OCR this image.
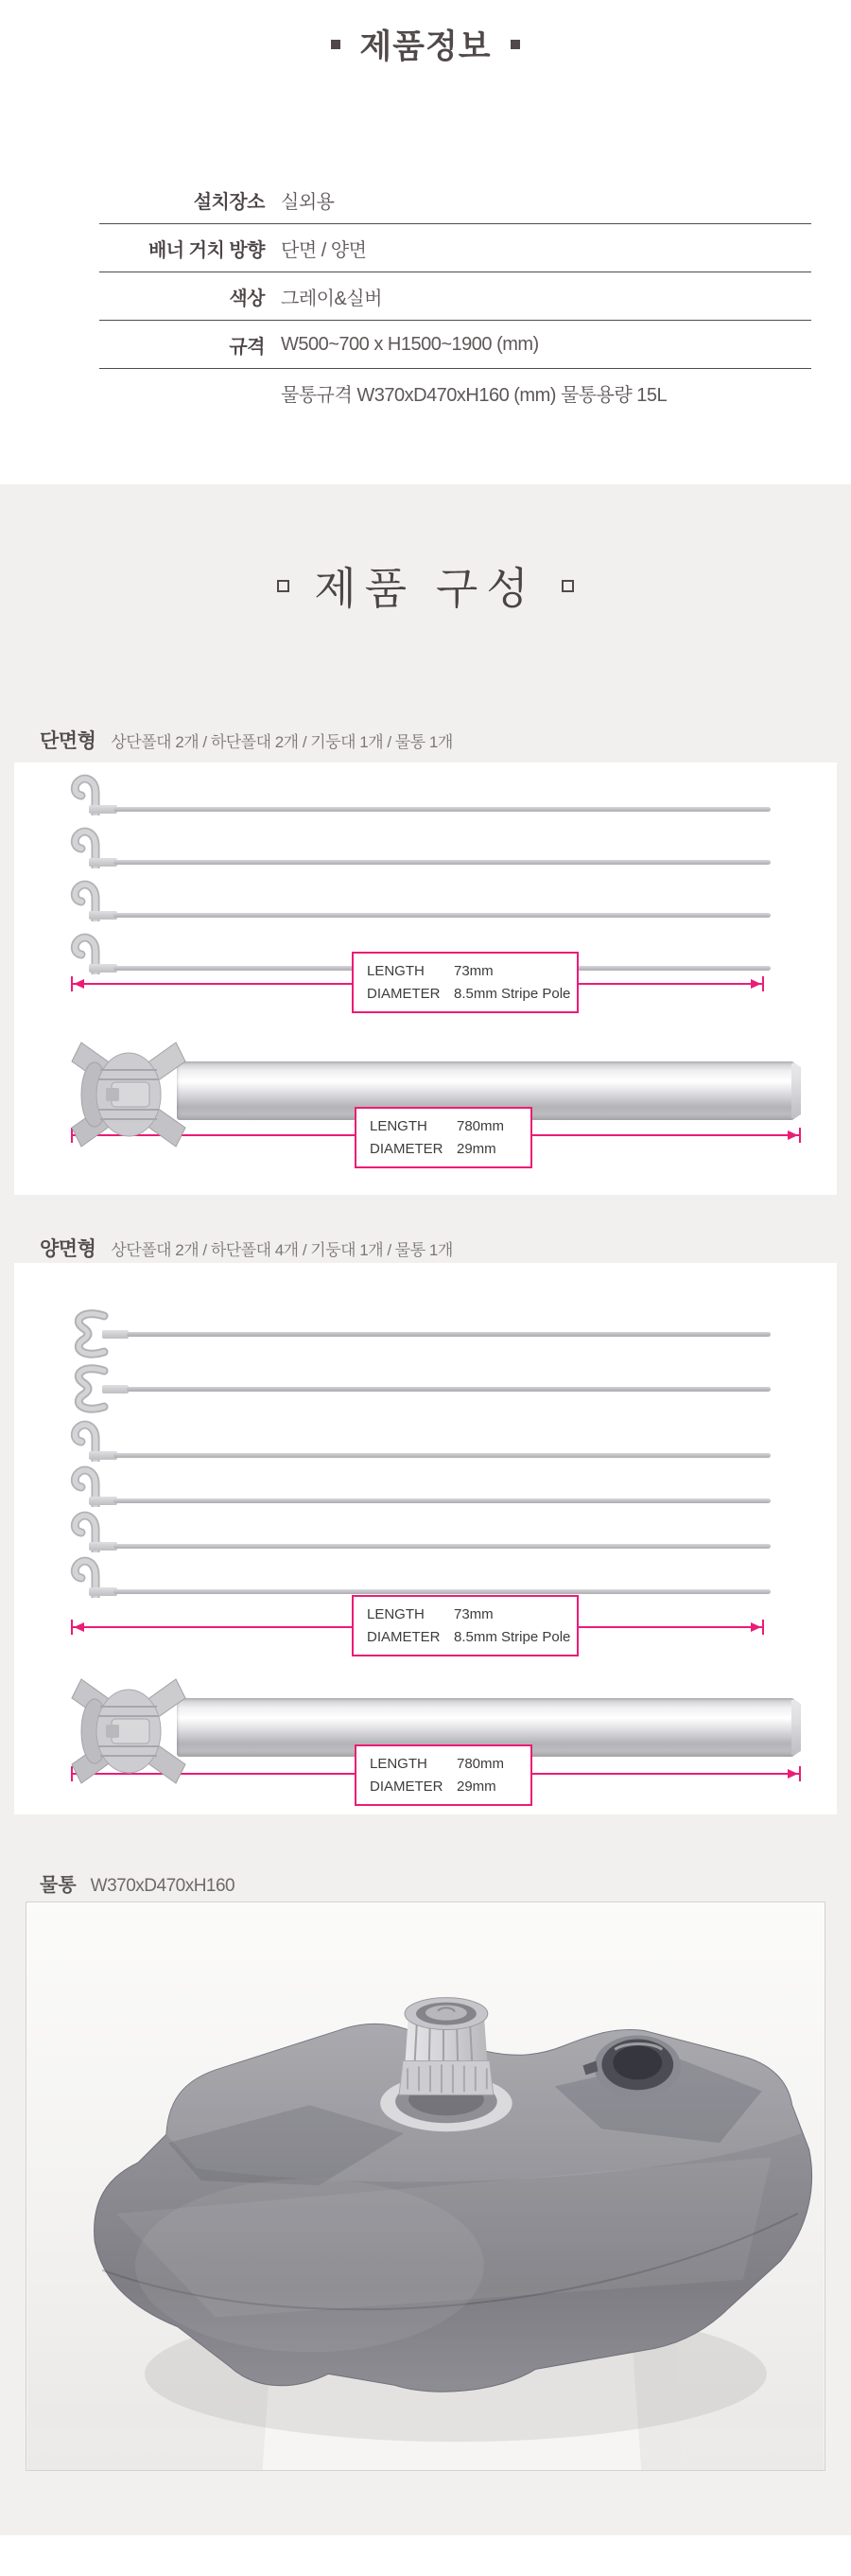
제품정보
설치장소 실외용
배너 거치 방향 단면 / 양면
색상 그레이&실버
규격 W500~700 x H1500~1900 (mm)
물통규격 W370xD470xH160 (mm) 물통용량 15L
제품 구성
단면형 상단폴대 2개 / 하단폴대 2개 / 기둥대 1개 / 물통 1개
LENGTH	73mm
DIAMETER 8.5mm Stripe Pole
LENGTH	780mm
DIAMETER 29mm
양면형 상단폴대 2개 / 하단폴대 4개 / 기둥대 1개 / 물통 1개
LENGTH	73mm
DIAMETER 8.5mm Stripe Pole
LENGTH	780mm
DIAMETER 29mm
물통 W370xD470xH160
